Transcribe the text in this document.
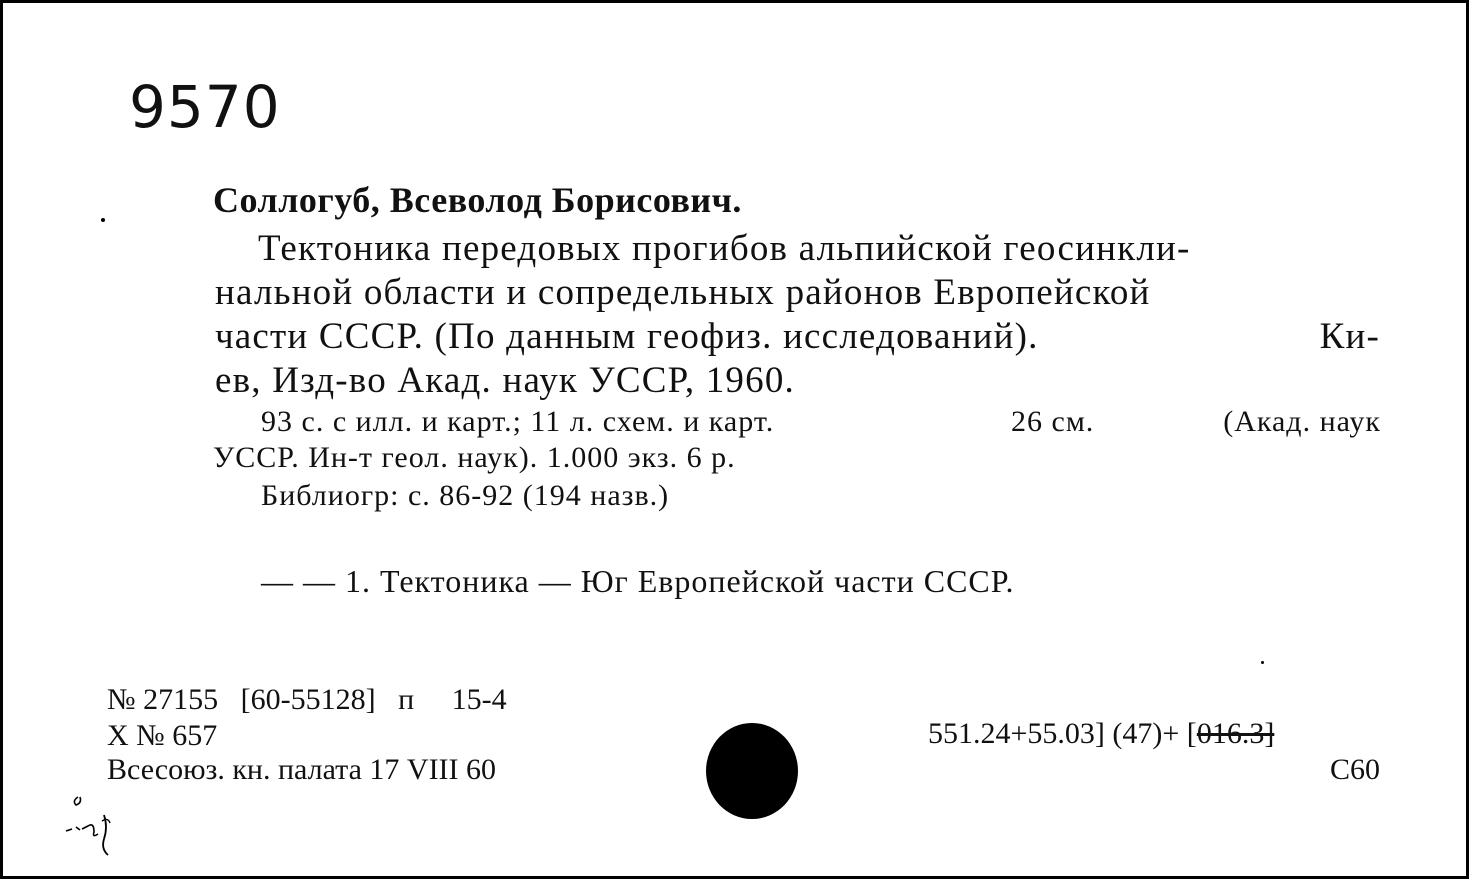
9570
Соллогуб, Всеволод Борисович.
Тектоника передовых прогибов альпийской геосинкли-
нальной области и сопредельных районов Европейской
части СССР. (По данным геофиз. исследований).	Ки-
ев, Изд-во Акад. наук УССР, 1960.
93 с. с илл. и карт.; 11 л. схем. и карт.	26 см.	(Акад. наук
УССР. Ин-т геол. наук). 1.000 экз. 6 р.
Библиогр: с. 86-92 (194 назв.)
— — 1. Тектоника — Юг Европейской части СССР.
№ 27155   [60-55128]   п     15-4
Х № 657
Всесоюз. кн. палата 17 VIII 60
551.24+55.03] (47)+ [016.3]
С60
